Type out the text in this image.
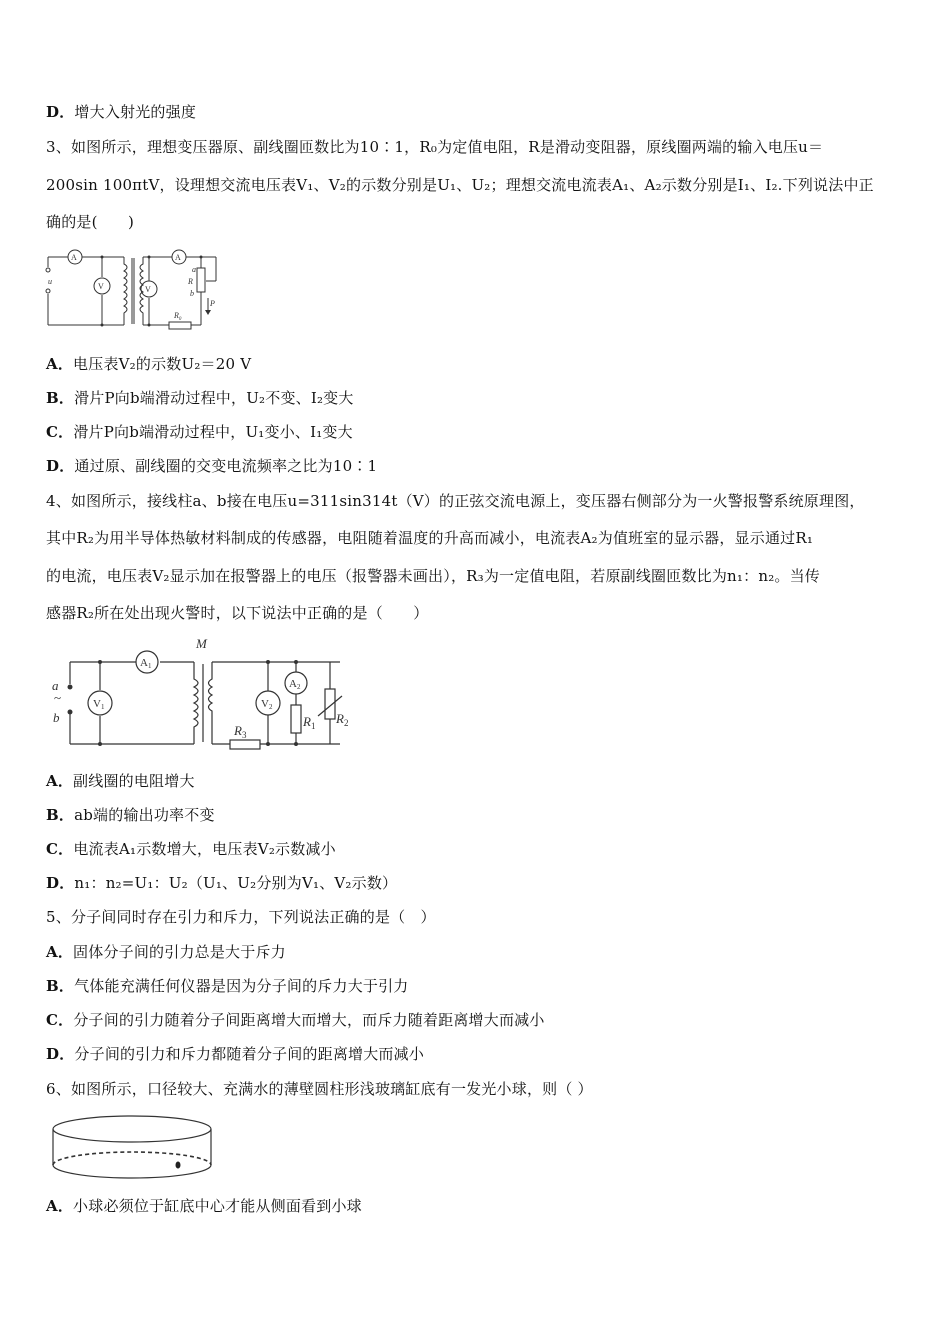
D．增大入射光的强度
3、如图所示，理想变压器原、副线圈匝数比为10∶1，R₀为定值电阻，R是滑动变阻器，原线圈两端的输入电压u＝
200sin 100πtV，设理想交流电压表V₁、V₂的示数分别是U₁、U₂；理想交流电流表A₁、A₂示数分别是I₁、I₂.下列说法中正
确的是(　　)
A
V	V
A
u
a
R
b
P
$R_0$
A．电压表V₂的示数U₂＝20 V
B．滑片P向b端滑动过程中，U₂不变、I₂变大
C．滑片P向b端滑动过程中，U₁变小、I₁变大
D．通过原、副线圈的交变电流频率之比为10∶1
4、如图所示，接线柱a、b接在电压u=311sin314t（V）的正弦交流电源上，变压器右侧部分为一火警报警系统原理图，
其中R₂为用半导体热敏材料制成的传感器，电阻随着温度的升高而减小，电流表A₂为值班室的显示器，显示通过R₁
的电流，电压表V₂显示加在报警器上的电压（报警器未画出），R₃为一定值电阻，若原副线圈匝数比为n₁：n₂。当传
感器R₂所在处出现火警时，以下说法中正确的是（　　）
M
a
~
b	$R_1$ $R_2$
$R_3$
A1
V1	V2
A2
A．副线圈的电阻增大
B．ab端的输出功率不变
C．电流表A₁示数增大，电压表V₂示数减小
D．n₁：n₂=U₁：U₂（U₁、U₂分别为V₁、V₂示数）
5、分子间同时存在引力和斥力，下列说法正确的是（　）
A．固体分子间的引力总是大于斥力
B．气体能充满任何仪器是因为分子间的斥力大于引力
C．分子间的引力随着分子间距离增大而增大，而斥力随着距离增大而减小
D．分子间的引力和斥力都随着分子间的距离增大而减小
6、如图所示，口径较大、充满水的薄壁圆柱形浅玻璃缸底有一发光小球，则（ ）
A．小球必须位于缸底中心才能从侧面看到小球
